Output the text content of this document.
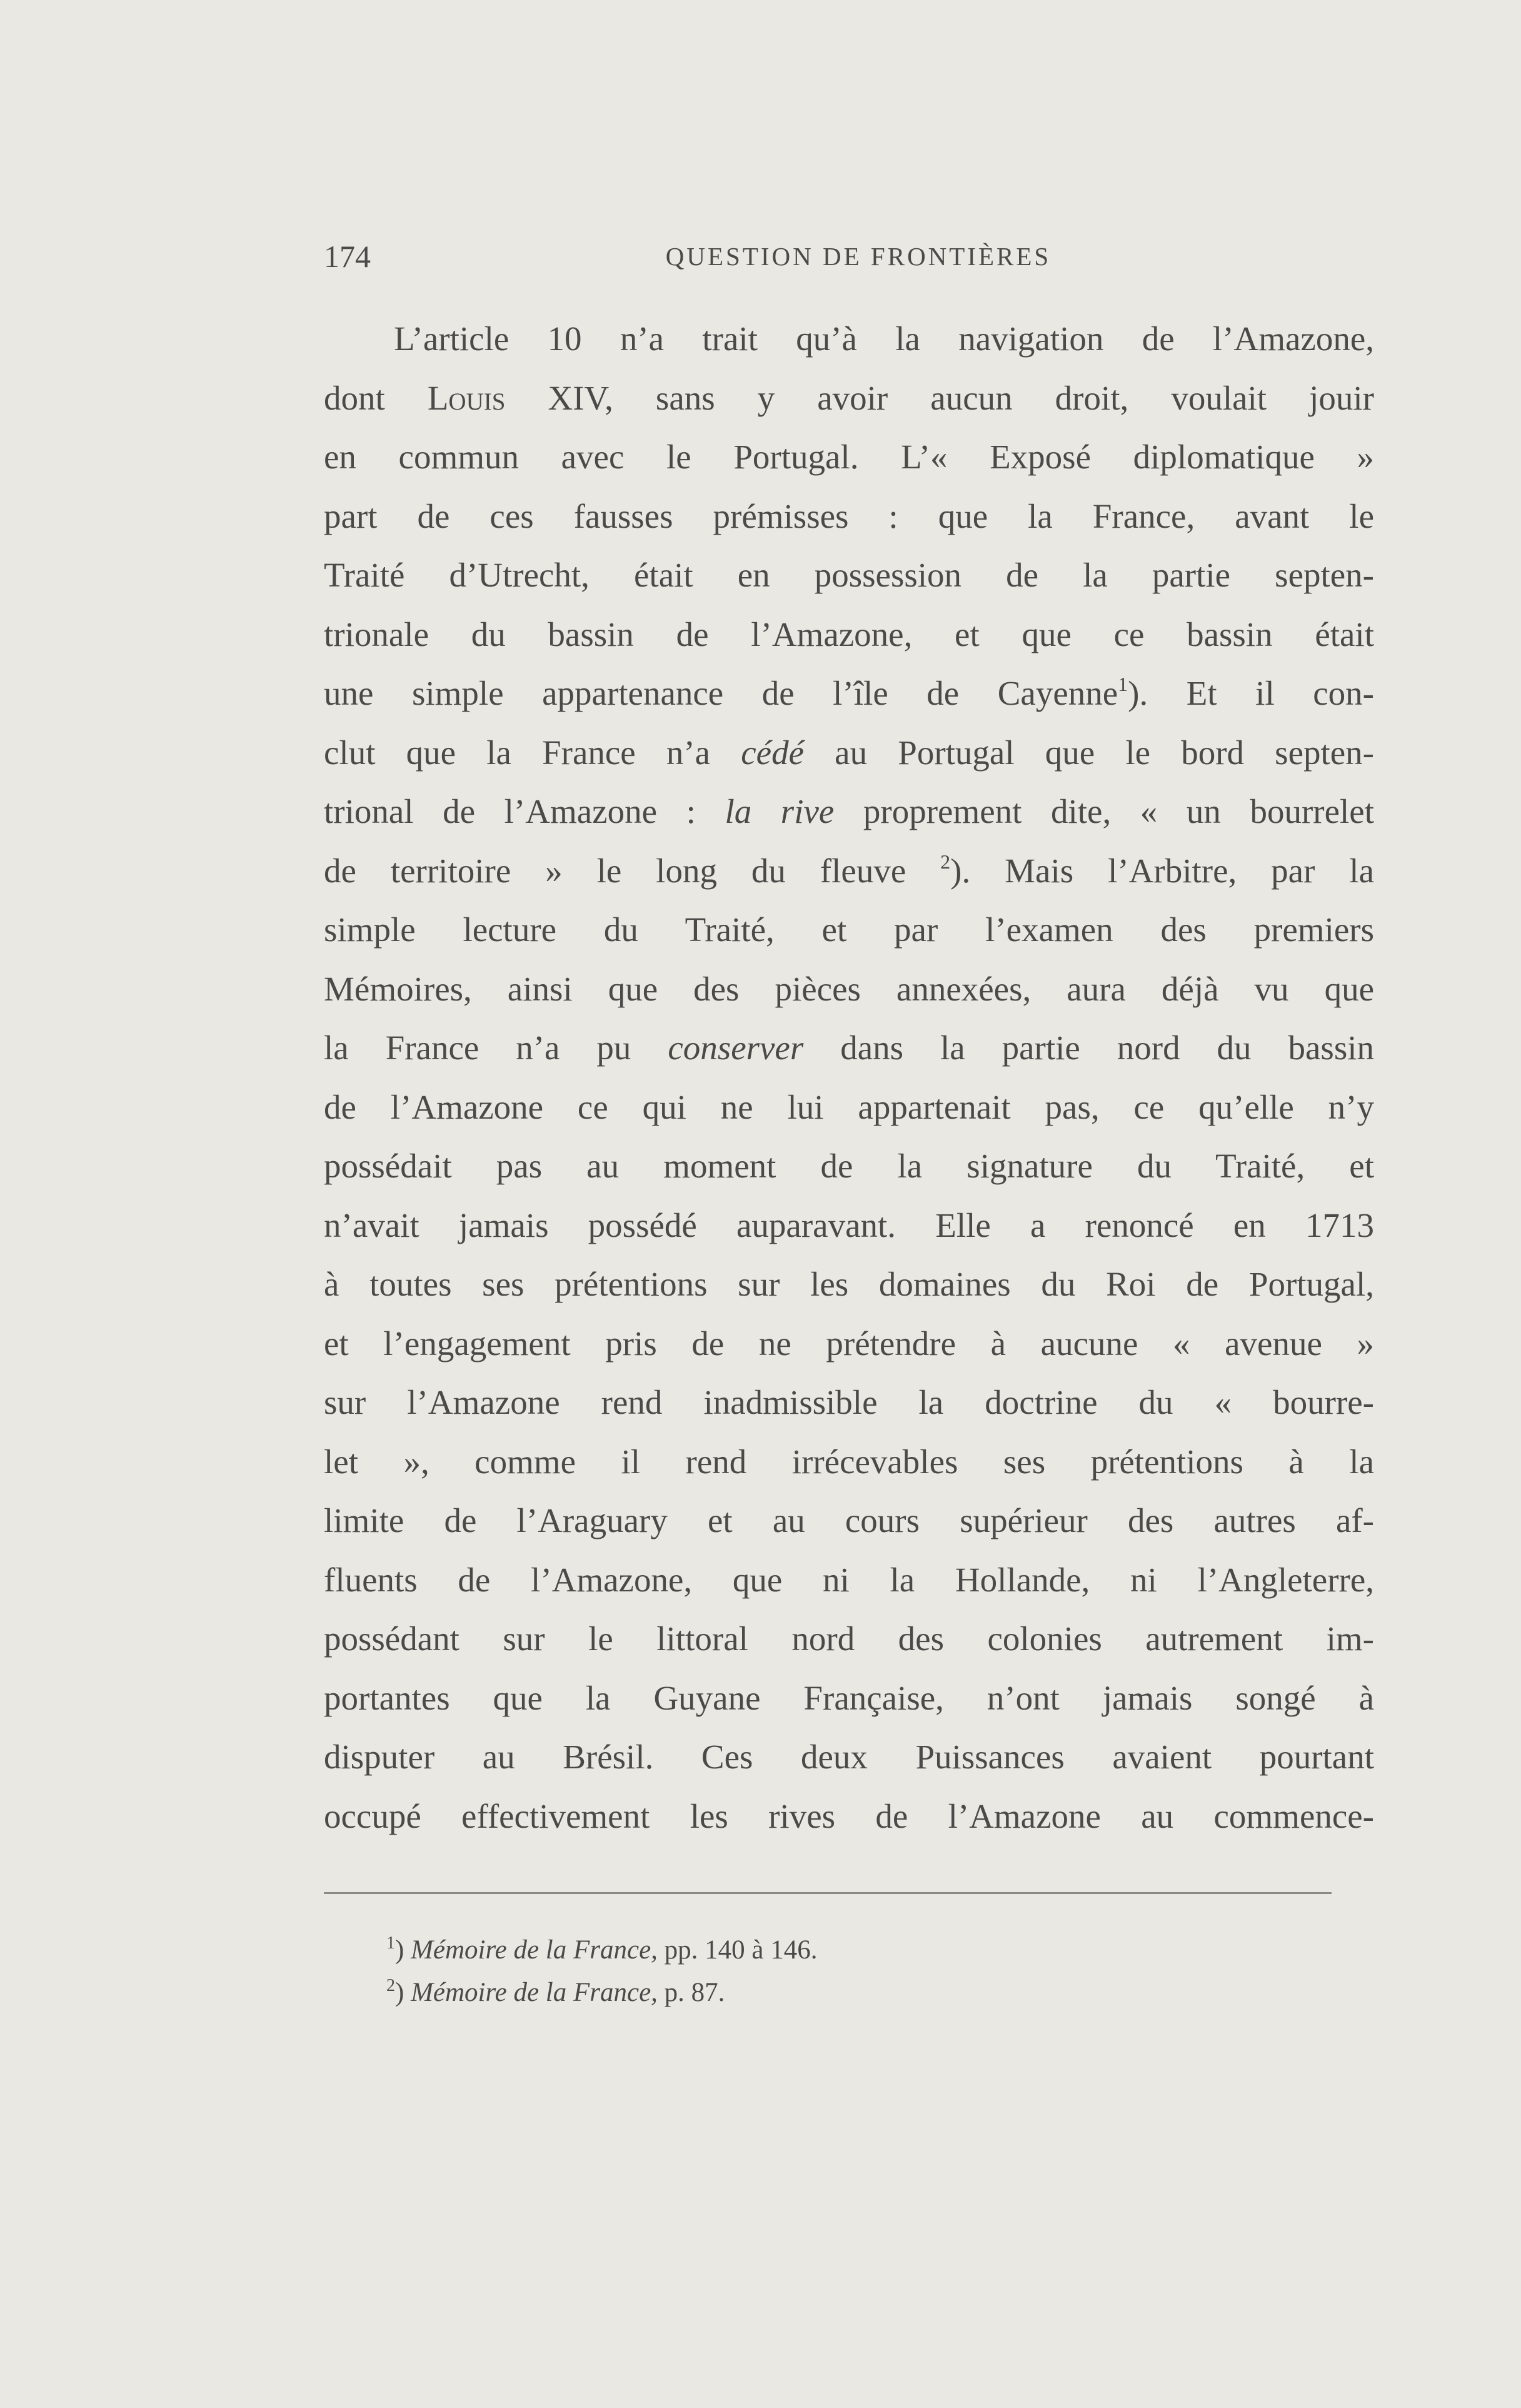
174	QUESTION DE FRONTIÈRES
L’article 10 n’a trait qu’à la navigation de l’Amazone,
dont Louis XIV, sans y avoir aucun droit, voulait jouir
en commun avec le Portugal. L’« Exposé diplomatique »
part de ces fausses prémisses : que la France, avant le
Traité d’Utrecht, était en possession de la partie septen-
trionale du bassin de l’Amazone, et que ce bassin était
une simple appartenance de l’île de Cayenne$^1$). Et il con-
clut que la France n’a cédé au Portugal que le bord septen-
trional de l’Amazone : la rive proprement dite, « un bourrelet
de territoire » le long du fleuve $^2$). Mais l’Arbitre, par la
simple lecture du Traité, et par l’examen des premiers
Mémoires, ainsi que des pièces annexées, aura déjà vu que
la France n’a pu conserver dans la partie nord du bassin
de l’Amazone ce qui ne lui appartenait pas, ce qu’elle n’y
possédait pas au moment de la signature du Traité, et
n’avait jamais possédé auparavant. Elle a renoncé en 1713
à toutes ses prétentions sur les domaines du Roi de Portugal,
et l’engagement pris de ne prétendre à aucune « avenue »
sur l’Amazone rend inadmissible la doctrine du « bourre-
let », comme il rend irrécevables ses prétentions à la
limite de l’Araguary et au cours supérieur des autres af-
fluents de l’Amazone, que ni la Hollande, ni l’Angleterre,
possédant sur le littoral nord des colonies autrement im-
portantes que la Guyane Française, n’ont jamais songé à
disputer au Brésil. Ces deux Puissances avaient pourtant
occupé effectivement les rives de l’Amazone au commence-
$^1$) Mémoire de la France, pp. 140 à 146.
$^2$) Mémoire de la France, p. 87.
